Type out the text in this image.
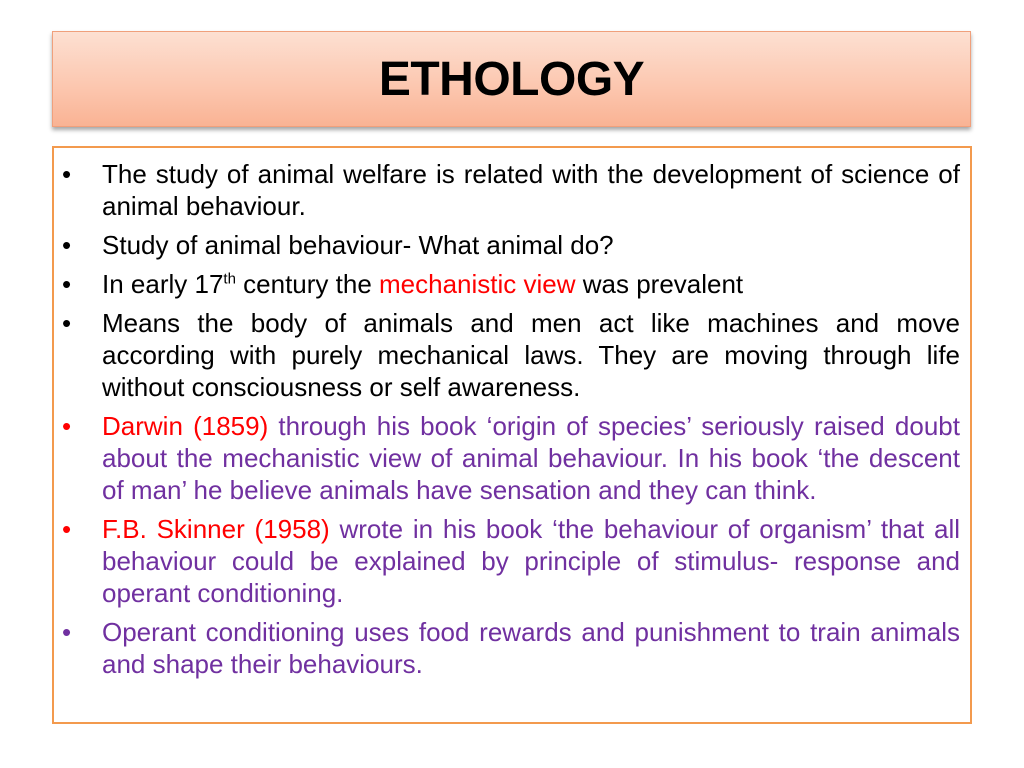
ETHOLOGY
• The study of animal welfare is related with the development of science of animal behaviour.
• Study of animal behaviour- What animal do?
• In early 17th century the mechanistic view was prevalent
• Means the body of animals and men act like machines and move according with purely mechanical laws. They are moving through life without consciousness or self awareness.
• Darwin (1859) through his book ‘origin of species’ seriously raised doubt about the mechanistic view of animal behaviour. In his book ‘the descent of man’ he believe animals have sensation and they can think.
• F.B. Skinner (1958) wrote in his book ‘the behaviour of organism’ that all behaviour could be explained by principle of stimulus- response and operant conditioning.
• Operant conditioning uses food rewards and punishment to train animals and shape their behaviours.
